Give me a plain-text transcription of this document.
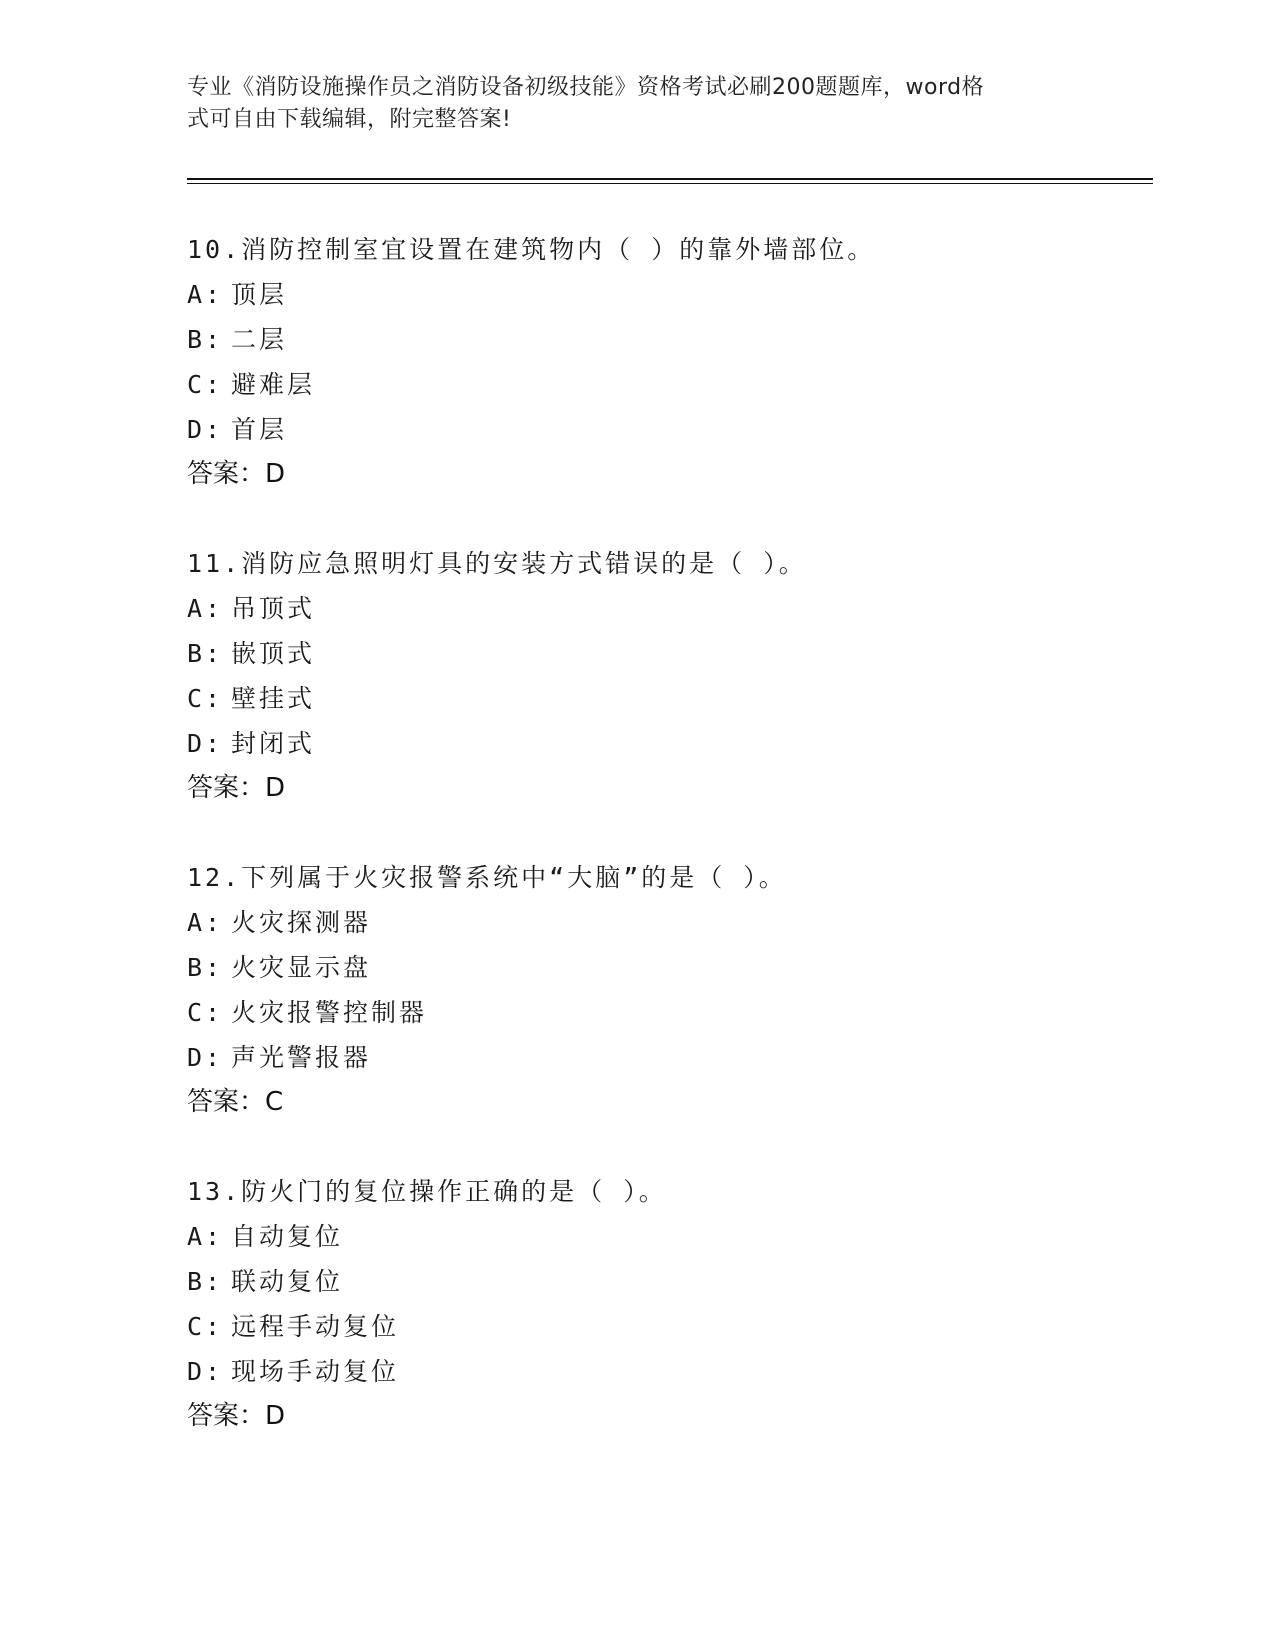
专业《消防设施操作员之消防设备初级技能》资格考试必刷200题题库，word格
式可自由下载编辑，附完整答案!
10.消防控制室宜设置在建筑物内（ ）的靠外墙部位。
A: 顶层
B: 二层
C: 避难层
D: 首层
答案：D
11.消防应急照明灯具的安装方式错误的是（ ）。
A: 吊顶式
B: 嵌顶式
C: 壁挂式
D: 封闭式
答案：D
12.下列属于火灾报警系统中“大脑”的是（ ）。
A: 火灾探测器
B: 火灾显示盘
C: 火灾报警控制器
D: 声光警报器
答案：C
13.防火门的复位操作正确的是（ ）。
A: 自动复位
B: 联动复位
C: 远程手动复位
D: 现场手动复位
答案：D
